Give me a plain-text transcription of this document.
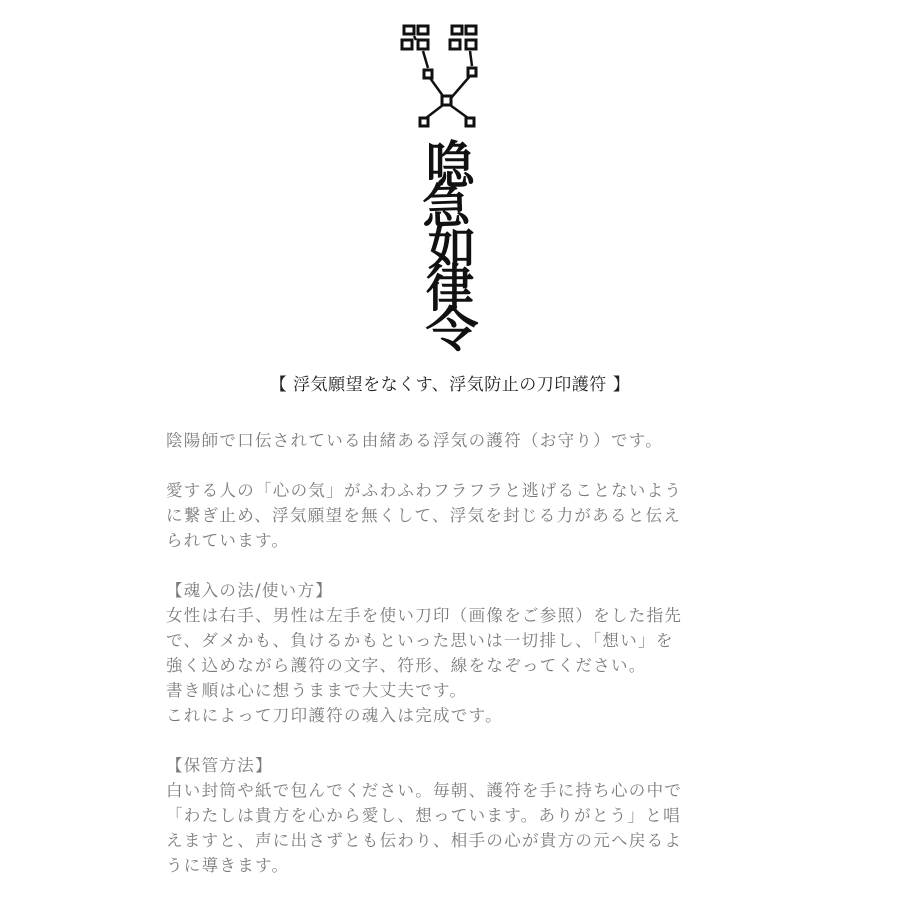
喼
急
如
律
令
【 浮気願望をなくす、浮気防止の刀印護符 】

陰陽師で口伝されている由緒ある浮気の護符（お守り）です。

愛する人の「心の気」がふわふわフラフラと逃げることないよう
に繋ぎ止め、浮気願望を無くして、浮気を封じる力があると伝え
られています。

【魂入の法/使い方】
女性は右手、男性は左手を使い刀印（画像をご参照）をした指先
で、ダメかも、負けるかもといった思いは一切排し、「想い」を
強く込めながら護符の文字、符形、線をなぞってください。
書き順は心に想うままで大丈夫です。
これによって刀印護符の魂入は完成です。

【保管方法】
白い封筒や紙で包んでください。毎朝、護符を手に持ち心の中で
「わたしは貴方を心から愛し、想っています。ありがとう」と唱
えますと、声に出さずとも伝わり、相手の心が貴方の元へ戻るよ
うに導きます。
